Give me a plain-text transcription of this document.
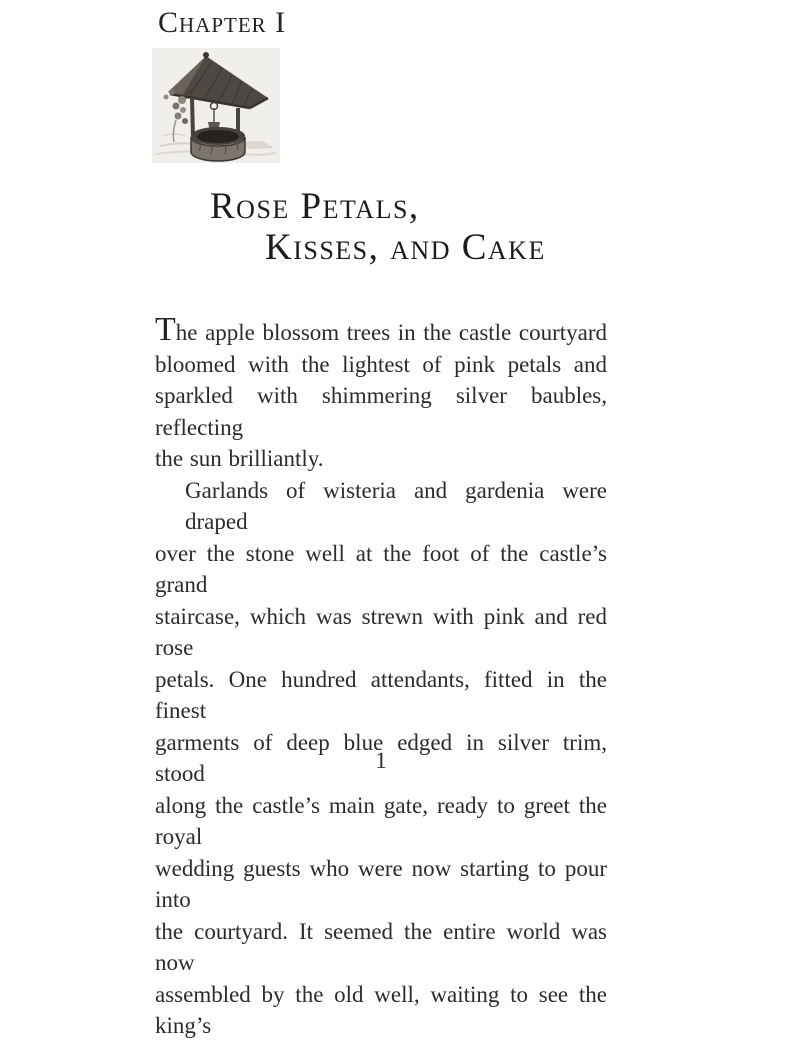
Chapter I
Rose Petals,
Kisses, and Cake

The apple blossom trees in the castle courtyard
bloomed with the lightest of pink petals and
sparkled with shimmering silver baubles, reflecting
the sun brilliantly.

Garlands of wisteria and gardenia were draped
over the stone well at the foot of the castle’s grand
staircase, which was strewn with pink and red rose
petals. One hundred attendants, fitted in the finest
garments of deep blue edged in silver trim, stood
along the castle’s main gate, ready to greet the royal
wedding guests who were now starting to pour into
the courtyard. It seemed the entire world was now
assembled by the old well, waiting to see the king’s

1
